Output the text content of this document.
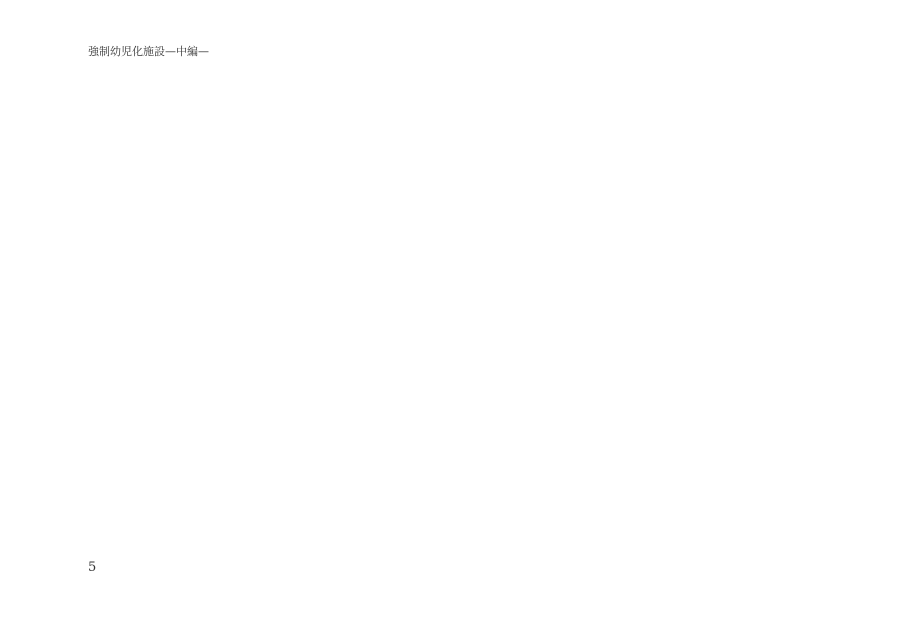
強制幼児化施設—中編—
5
